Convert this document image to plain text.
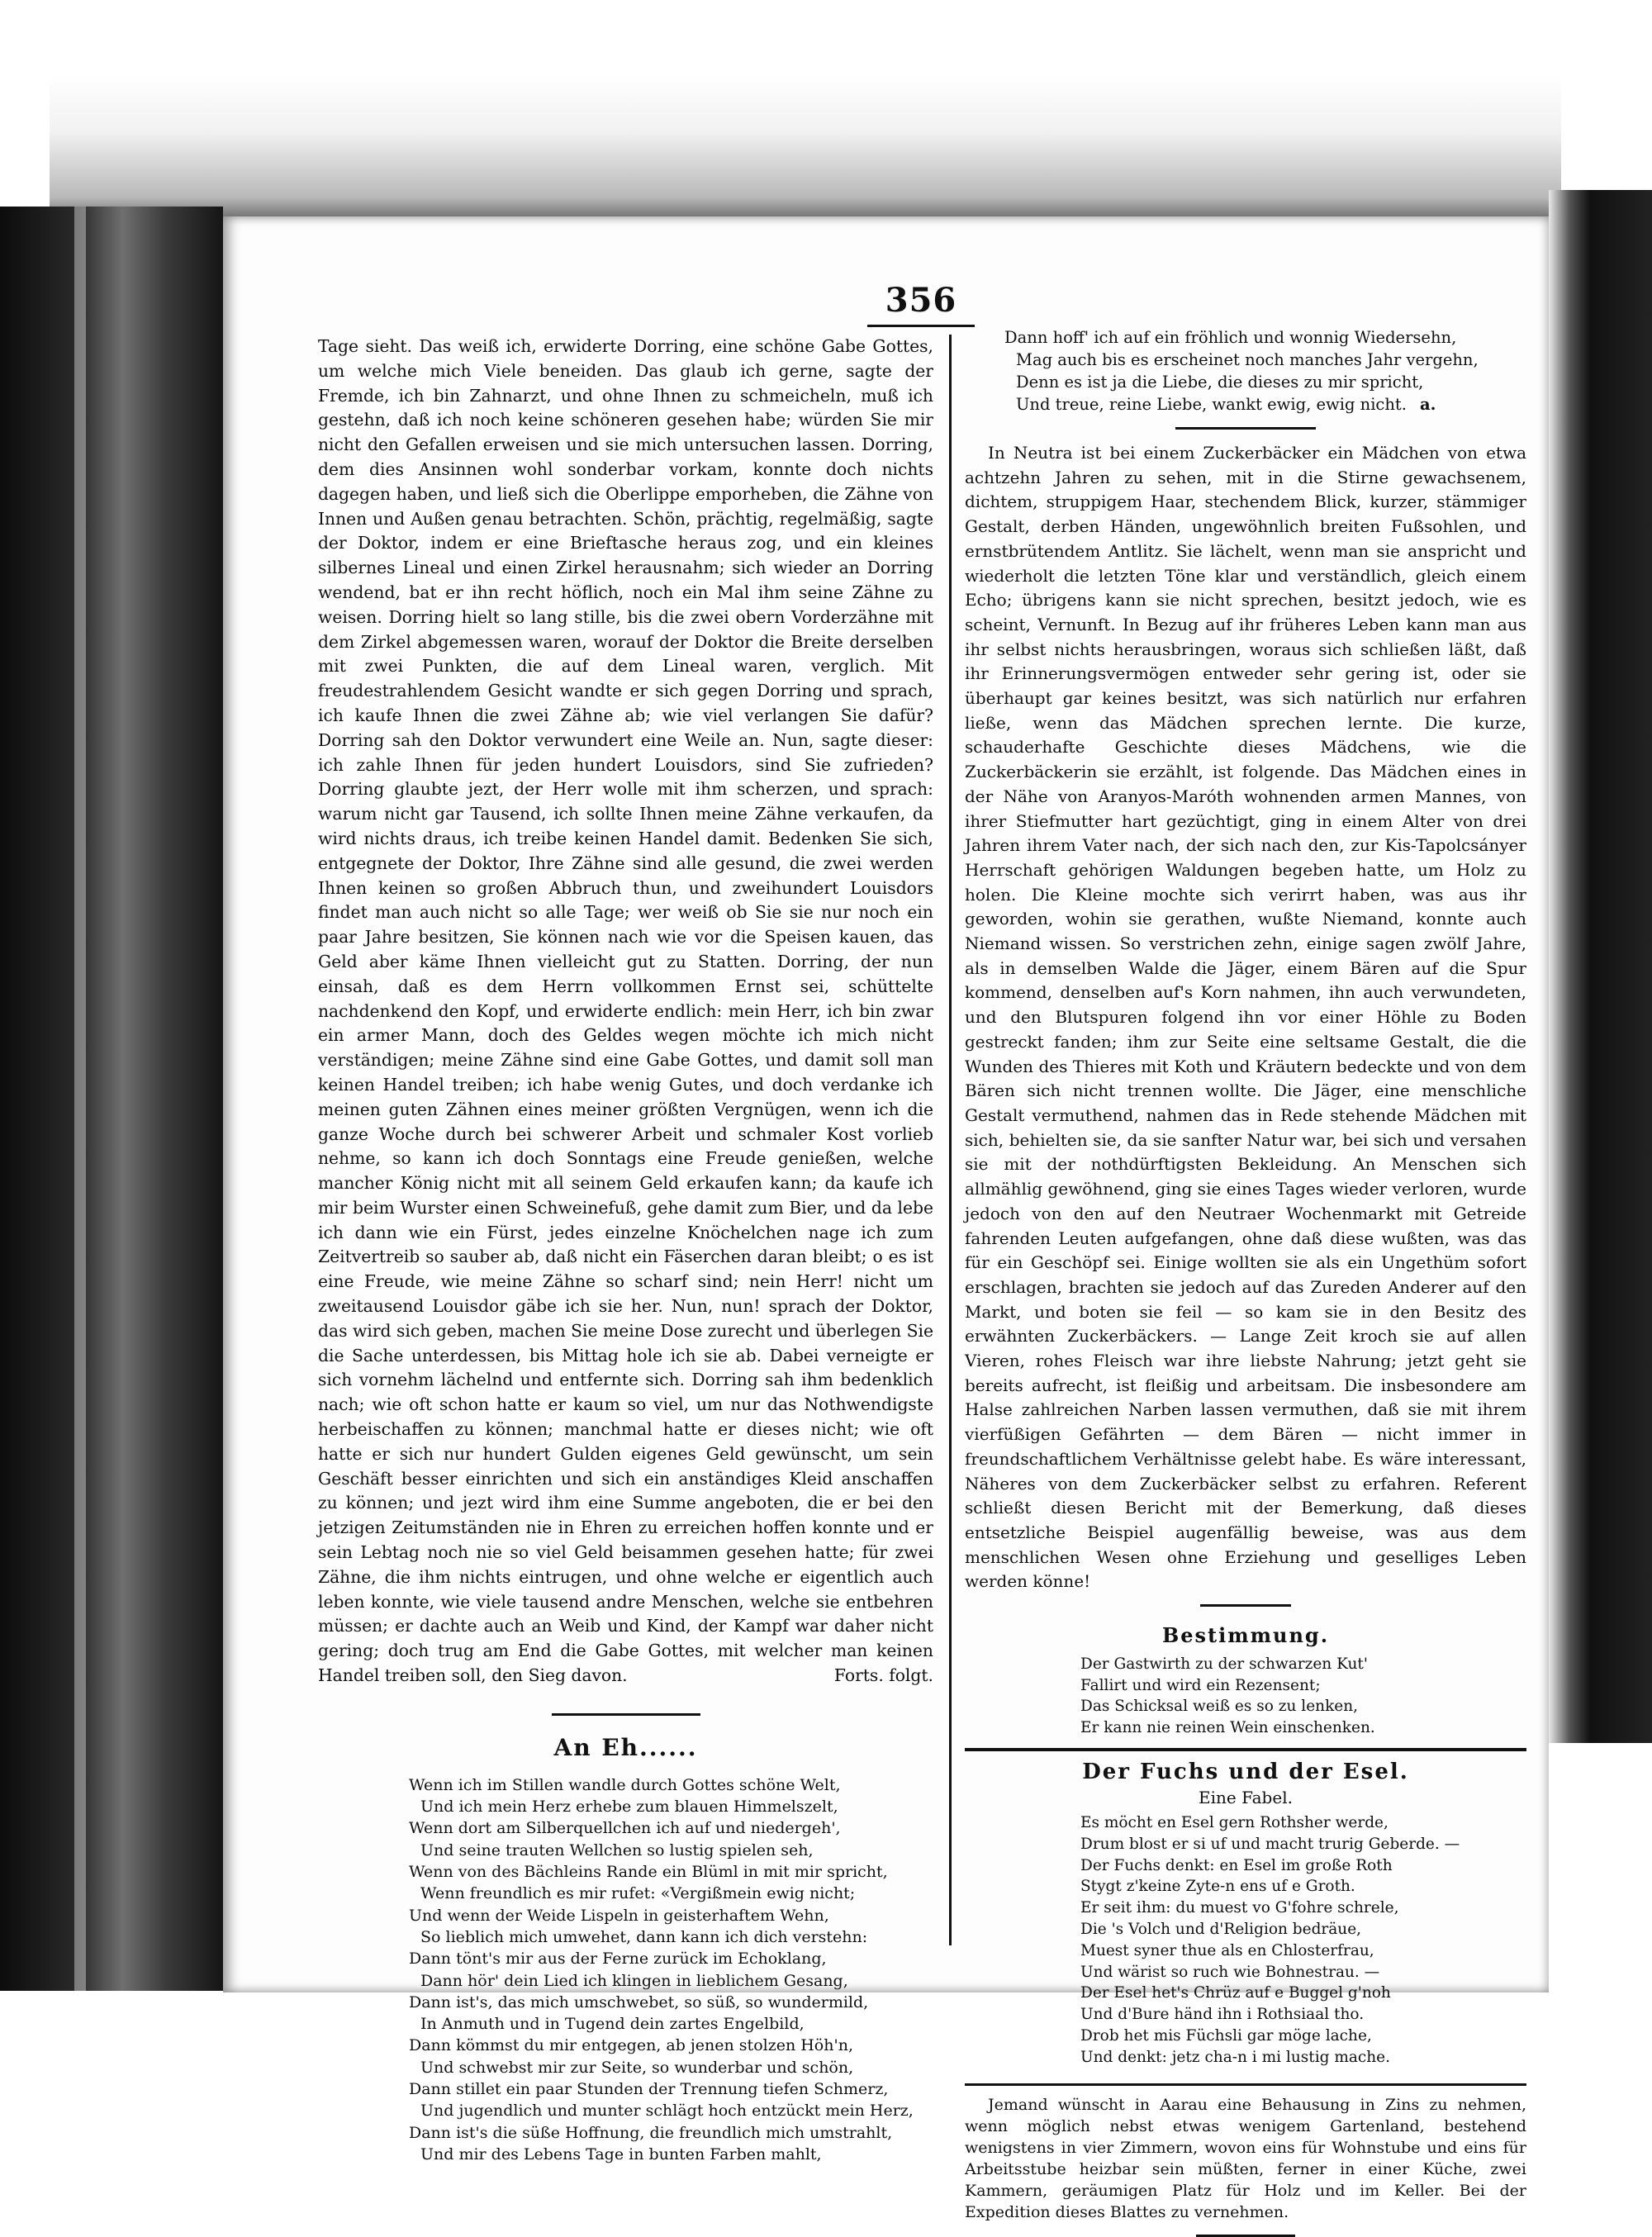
356

Tage sieht. Das weiß ich, erwiderte Dorring, eine schöne Gabe Gottes, um welche mich Viele beneiden. Das glaub ich gerne, sagte der Fremde, ich bin Zahnarzt, und ohne Ihnen zu schmeicheln, muß ich gestehn, daß ich noch keine schöneren gesehen habe; würden Sie mir nicht den Gefallen erweisen und sie mich untersuchen lassen. Dorring, dem dies Ansinnen wohl sonderbar vorkam, konnte doch nichts dagegen haben, und ließ sich die Oberlippe emporheben, die Zähne von Innen und Außen genau betrachten. Schön, prächtig, regelmäßig, sagte der Doktor, indem er eine Brieftasche heraus zog, und ein kleines silbernes Lineal und einen Zirkel herausnahm; sich wieder an Dorring wendend, bat er ihn recht höflich, noch ein Mal ihm seine Zähne zu weisen. Dorring hielt so lang stille, bis die zwei obern Vorderzähne mit dem Zirkel abgemessen waren, worauf der Doktor die Breite derselben mit zwei Punkten, die auf dem Lineal waren, verglich. Mit freudestrahlendem Gesicht wandte er sich gegen Dorring und sprach, ich kaufe Ihnen die zwei Zähne ab; wie viel verlangen Sie dafür? Dorring sah den Doktor verwundert eine Weile an. Nun, sagte dieser: ich zahle Ihnen für jeden hundert Louisdors, sind Sie zufrieden? Dorring glaubte jezt, der Herr wolle mit ihm scherzen, und sprach: warum nicht gar Tausend, ich sollte Ihnen meine Zähne verkaufen, da wird nichts draus, ich treibe keinen Handel damit. Bedenken Sie sich, entgegnete der Doktor, Ihre Zähne sind alle gesund, die zwei werden Ihnen keinen so großen Abbruch thun, und zweihundert Louisdors findet man auch nicht so alle Tage; wer weiß ob Sie sie nur noch ein paar Jahre besitzen, Sie können nach wie vor die Speisen kauen, das Geld aber käme Ihnen vielleicht gut zu Statten. Dorring, der nun einsah, daß es dem Herrn vollkommen Ernst sei, schüttelte nachdenkend den Kopf, und erwiderte endlich: mein Herr, ich bin zwar ein armer Mann, doch des Geldes wegen möchte ich mich nicht verständigen; meine Zähne sind eine Gabe Gottes, und damit soll man keinen Handel treiben; ich habe wenig Gutes, und doch verdanke ich meinen guten Zähnen eines meiner größten Vergnügen, wenn ich die ganze Woche durch bei schwerer Arbeit und schmaler Kost vorlieb nehme, so kann ich doch Sonntags eine Freude genießen, welche mancher König nicht mit all seinem Geld erkaufen kann; da kaufe ich mir beim Wurster einen Schweinefuß, gehe damit zum Bier, und da lebe ich dann wie ein Fürst, jedes einzelne Knöchelchen nage ich zum Zeitvertreib so sauber ab, daß nicht ein Fäserchen daran bleibt; o es ist eine Freude, wie meine Zähne so scharf sind; nein Herr! nicht um zweitausend Louisdor gäbe ich sie her. Nun, nun! sprach der Doktor, das wird sich geben, machen Sie meine Dose zurecht und überlegen Sie die Sache unterdessen, bis Mittag hole ich sie ab. Dabei verneigte er sich vornehm lächelnd und entfernte sich. Dorring sah ihm bedenklich nach; wie oft schon hatte er kaum so viel, um nur das Nothwendigste herbeischaffen zu können; manchmal hatte er dieses nicht; wie oft hatte er sich nur hundert Gulden eigenes Geld gewünscht, um sein Geschäft besser einrichten und sich ein anständiges Kleid anschaffen zu können; und jezt wird ihm eine Summe angeboten, die er bei den jetzigen Zeitumständen nie in Ehren zu erreichen hoffen konnte und er sein Lebtag noch nie so viel Geld beisammen gesehen hatte; für zwei Zähne, die ihm nichts eintrugen, und ohne welche er eigentlich auch leben konnte, wie viele tausend andre Menschen, welche sie entbehren müssen; er dachte auch an Weib und Kind, der Kampf war daher nicht gering; doch trug am End die Gabe Gottes, mit welcher man keinen Handel treiben soll, den Sieg davon.	Forts. folgt.

An Eh......
Wenn ich im Stillen wandle durch Gottes schöne Welt,
Und ich mein Herz erhebe zum blauen Himmelszelt,
Wenn dort am Silberquellchen ich auf und niedergeh',
Und seine trauten Wellchen so lustig spielen seh,
Wenn von des Bächleins Rande ein Blüml in mit mir spricht,
Wenn freundlich es mir rufet: «Vergißmein ewig nicht;
Und wenn der Weide Lispeln in geisterhaftem Wehn,
So lieblich mich umwehet, dann kann ich dich verstehn:
Dann tönt's mir aus der Ferne zurück im Echoklang,
Dann hör' dein Lied ich klingen in lieblichem Gesang,
Dann ist's, das mich umschwebet, so süß, so wundermild,
In Anmuth und in Tugend dein zartes Engelbild,
Dann kömmst du mir entgegen, ab jenen stolzen Höh'n,
Und schwebst mir zur Seite, so wunderbar und schön,
Dann stillet ein paar Stunden der Trennung tiefen Schmerz,
Und jugendlich und munter schlägt hoch entzückt mein Herz,
Dann ist's die süße Hoffnung, die freundlich mich umstrahlt,
Und mir des Lebens Tage in bunten Farben mahlt,
Dann hoff' ich auf ein fröhlich und wonnig Wiedersehn,
Mag auch bis es erscheinet noch manches Jahr vergehn,
Denn es ist ja die Liebe, die dieses zu mir spricht,
Und treue, reine Liebe, wankt ewig, ewig nicht. a.

In Neutra ist bei einem Zuckerbäcker ein Mädchen von etwa achtzehn Jahren zu sehen, mit in die Stirne gewachsenem, dichtem, struppigem Haar, stechendem Blick, kurzer, stämmiger Gestalt, derben Händen, ungewöhnlich breiten Fußsohlen, und ernstbrütendem Antlitz. Sie lächelt, wenn man sie anspricht und wiederholt die letzten Töne klar und verständlich, gleich einem Echo; übrigens kann sie nicht sprechen, besitzt jedoch, wie es scheint, Vernunft. In Bezug auf ihr früheres Leben kann man aus ihr selbst nichts herausbringen, woraus sich schließen läßt, daß ihr Erinnerungsvermögen entweder sehr gering ist, oder sie überhaupt gar keines besitzt, was sich natürlich nur erfahren ließe, wenn das Mädchen sprechen lernte. Die kurze, schauderhafte Geschichte dieses Mädchens, wie die Zuckerbäckerin sie erzählt, ist folgende. Das Mädchen eines in der Nähe von Aranyos-Maróth wohnenden armen Mannes, von ihrer Stiefmutter hart gezüchtigt, ging in einem Alter von drei Jahren ihrem Vater nach, der sich nach den, zur Kis-Tapolcsányer Herrschaft gehörigen Waldungen begeben hatte, um Holz zu holen. Die Kleine mochte sich verirrt haben, was aus ihr geworden, wohin sie gerathen, wußte Niemand, konnte auch Niemand wissen. So verstrichen zehn, einige sagen zwölf Jahre, als in demselben Walde die Jäger, einem Bären auf die Spur kommend, denselben auf's Korn nahmen, ihn auch verwundeten, und den Blutspuren folgend ihn vor einer Höhle zu Boden gestreckt fanden; ihm zur Seite eine seltsame Gestalt, die die Wunden des Thieres mit Koth und Kräutern bedeckte und von dem Bären sich nicht trennen wollte. Die Jäger, eine menschliche Gestalt vermuthend, nahmen das in Rede stehende Mädchen mit sich, behielten sie, da sie sanfter Natur war, bei sich und versahen sie mit der nothdürftigsten Bekleidung. An Menschen sich allmählig gewöhnend, ging sie eines Tages wieder verloren, wurde jedoch von den auf den Neutraer Wochenmarkt mit Getreide fahrenden Leuten aufgefangen, ohne daß diese wußten, was das für ein Geschöpf sei. Einige wollten sie als ein Ungethüm sofort erschlagen, brachten sie jedoch auf das Zureden Anderer auf den Markt, und boten sie feil — so kam sie in den Besitz des erwähnten Zuckerbäckers. — Lange Zeit kroch sie auf allen Vieren, rohes Fleisch war ihre liebste Nahrung; jetzt geht sie bereits aufrecht, ist fleißig und arbeitsam. Die insbesondere am Halse zahlreichen Narben lassen vermuthen, daß sie mit ihrem vierfüßigen Gefährten — dem Bären — nicht immer in freundschaftlichem Verhältnisse gelebt habe. Es wäre interessant, Näheres von dem Zuckerbäcker selbst zu erfahren. Referent schließt diesen Bericht mit der Bemerkung, daß dieses entsetzliche Beispiel augenfällig beweise, was aus dem menschlichen Wesen ohne Erziehung und geselliges Leben werden könne!

Bestimmung.
Der Gastwirth zu der schwarzen Kut'
Fallirt und wird ein Rezensent;
Das Schicksal weiß es so zu lenken,
Er kann nie reinen Wein einschenken.
Der Fuchs und der Esel.
Eine Fabel.
Es möcht en Esel gern Rothsher werde,
Drum blost er si uf und macht trurig Geberde. —
Der Fuchs denkt: en Esel im große Roth
Stygt z'keine Zyte-n ens uf e Groth.
Er seit ihm: du muest vo G'fohre schrele,
Die 's Volch und d'Religion bedräue,
Muest syner thue als en Chlosterfrau,
Und wärist so ruch wie Bohnestrau. —
Der Esel het's Chrüz auf e Buggel g'noh
Und d'Bure händ ihn i Rothsiaal tho.
Drob het mis Füchsli gar möge lache,
Und denkt: jetz cha-n i mi lustig mache.

Jemand wünscht in Aarau eine Behausung in Zins zu nehmen, wenn möglich nebst etwas wenigem Gartenland, bestehend wenigstens in vier Zimmern, wovon eins für Wohnstube und eins für Arbeitsstube heizbar sein müßten, ferner in einer Küche, zwei Kammern, geräumigen Platz für Holz und im Keller. Bei der Expedition dieses Blattes zu vernehmen.
